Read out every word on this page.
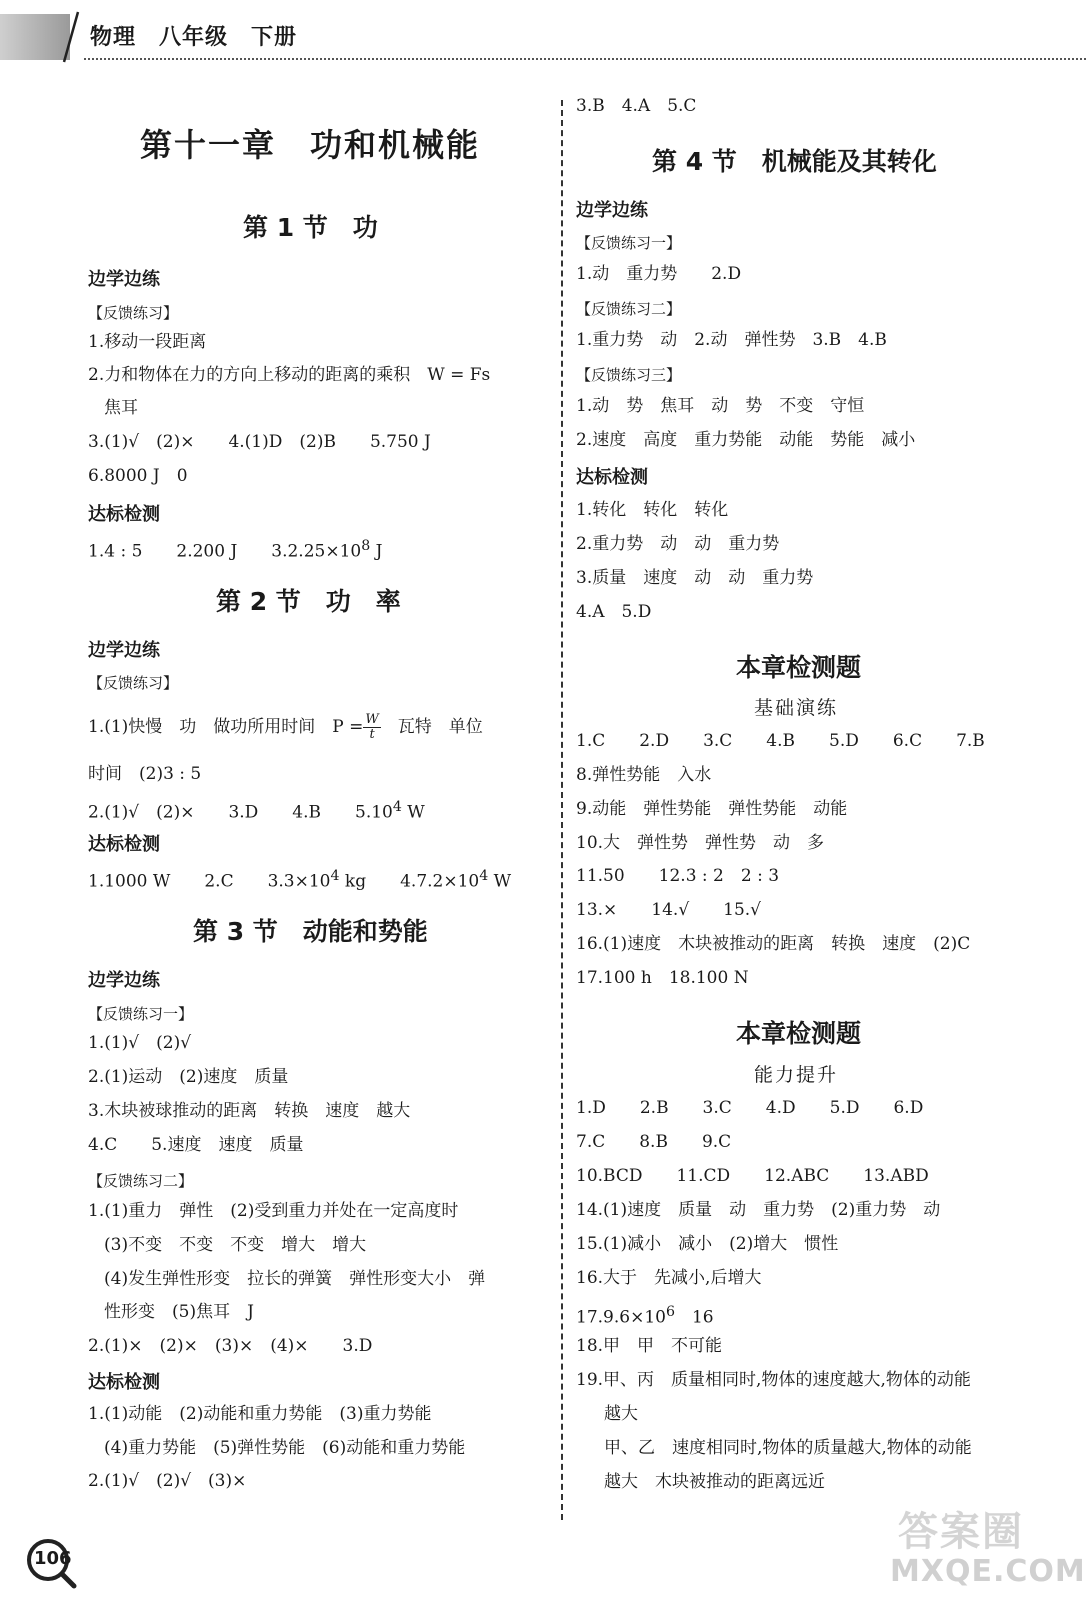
物理　八年级　下册
第十一章　功和机械能
第 1 节　功
边学边练
【反馈练习】
1.移动一段距离
2.力和物体在力的方向上移动的距离的乘积　W = Fs
焦耳
3.(1)√　(2)×　　4.(1)D　(2)B　　5.750 J
6.8000 J　0
达标检测
1.4 : 5　　2.200 J　　$3.2.25\times 10^8$ J
第 2 节　功　率
边学边练
【反馈练习】
1.(1)快慢　功　做功所用时间　$P = \frac{W}{t}$ 　瓦特　单位
时间　(2)3 : 5
2.(1)√　(2)×　　3.D　　4.B　　5.10$^4$ W
达标检测
1.1000 W　　2.C　　$3.3\times 10^4$ kg　　$4.7.2\times 10^4$ W
第 3 节　动能和势能
边学边练
【反馈练习一】
1.(1)√　(2)√
2.(1)运动　(2)速度　质量
3.木块被球推动的距离　转换　速度　越大
4.C　　5.速度　速度　质量
【反馈练习二】
1.(1)重力　弹性　(2)受到重力并处在一定高度时
(3)不变　不变　不变　增大　增大
(4)发生弹性形变　拉长的弹簧　弹性形变大小　弹
性形变　(5)焦耳　J
2.(1)×　(2)×　(3)×　(4)×　　3.D
达标检测
1.(1)动能　(2)动能和重力势能　(3)重力势能
(4)重力势能　(5)弹性势能　(6)动能和重力势能
2.(1)√　(2)√　(3)×
3.B　4.A　5.C
第 4 节　机械能及其转化
边学边练
【反馈练习一】
1.动　重力势　　2.D
【反馈练习二】
1.重力势　动　2.动　弹性势　3.B　4.B
【反馈练习三】
1.动　势　焦耳　动　势　不变　守恒
2.速度　高度　重力势能　动能　势能　减小
达标检测
1.转化　转化　转化
2.重力势　动　动　重力势
3.质量　速度　动　动　重力势
4.A　5.D
本章检测题
基础演练
1.C　　2.D　　3.C　　4.B　　5.D　　6.C　　7.B
8.弹性势能　入水
9.动能　弹性势能　弹性势能　动能
10.大　弹性势　弹性势　动　多
11.50　　12.3 : 2　2 : 3
13.×　　14.√　　15.√
16.(1)速度　木块被推动的距离　转换　速度　(2)C
17.100 h　18.100 N
本章检测题
能力提升
1.D　　2.B　　3.C　　4.D　　5.D　　6.D
7.C　　8.B　　9.C
10.BCD　　11.CD　　12.ABC　　13.ABD
14.(1)速度　质量　动　重力势　(2)重力势　动
15.(1)减小　减小　(2)增大　惯性
16.大于　先减小,后增大
$17.9.6\times 10^6$　16
18.甲　甲　不可能
19.甲、丙　质量相同时,物体的速度越大,物体的动能
越大
甲、乙　速度相同时,物体的质量越大,物体的动能
越大　木块被推动的距离远近
106
答案圈
MXQE.COM
